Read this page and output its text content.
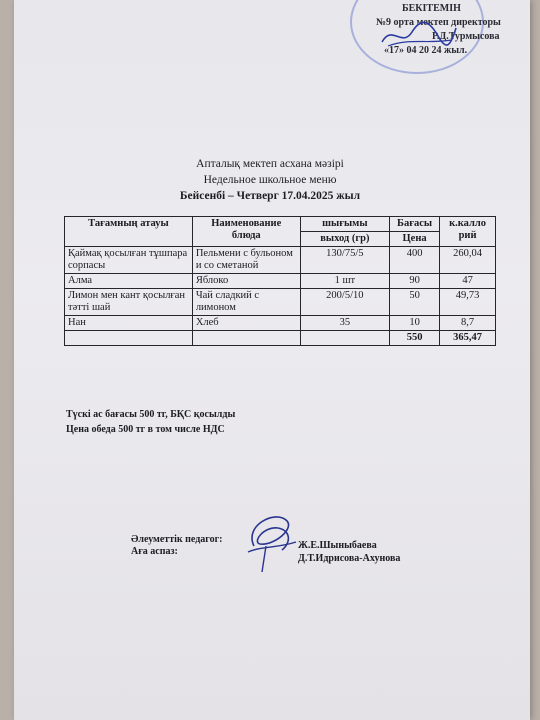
БЕКІТЕМІН
№9 орта мектеп директоры
Р.Д.Турмысова
«17» 04 20 24 жыл.
Апталық мектеп асхана мәзірі
Недельное школьное меню
Бейсенбі – Четверг 17.04.2025 жыл
Тағамның атауы	Наименование блюда	шығымы	Бағасы	к.калло рий
		выход (гр)	Цена	
Қаймақ қосылған тұшпара сорпасы	Пельмени с бульоном и со сметаной	130/75/5	400	260,04
Алма	Яблоко	1 шт	90	47
Лимон мен кант қосылған тәтті шай	Чай сладкий с лимоном	200/5/10	50	49,73
Нан	Хлеб	35	10	8,7
			550	365,47
Түскі ас бағасы 500 тг, БҚС қосылды
Цена обеда 500 тг в том числе НДС
Әлеуметтік педагог:
Аға аспаз:
Ж.Е.Шыныбаева
Д.Т.Идрисова-Ахунова
